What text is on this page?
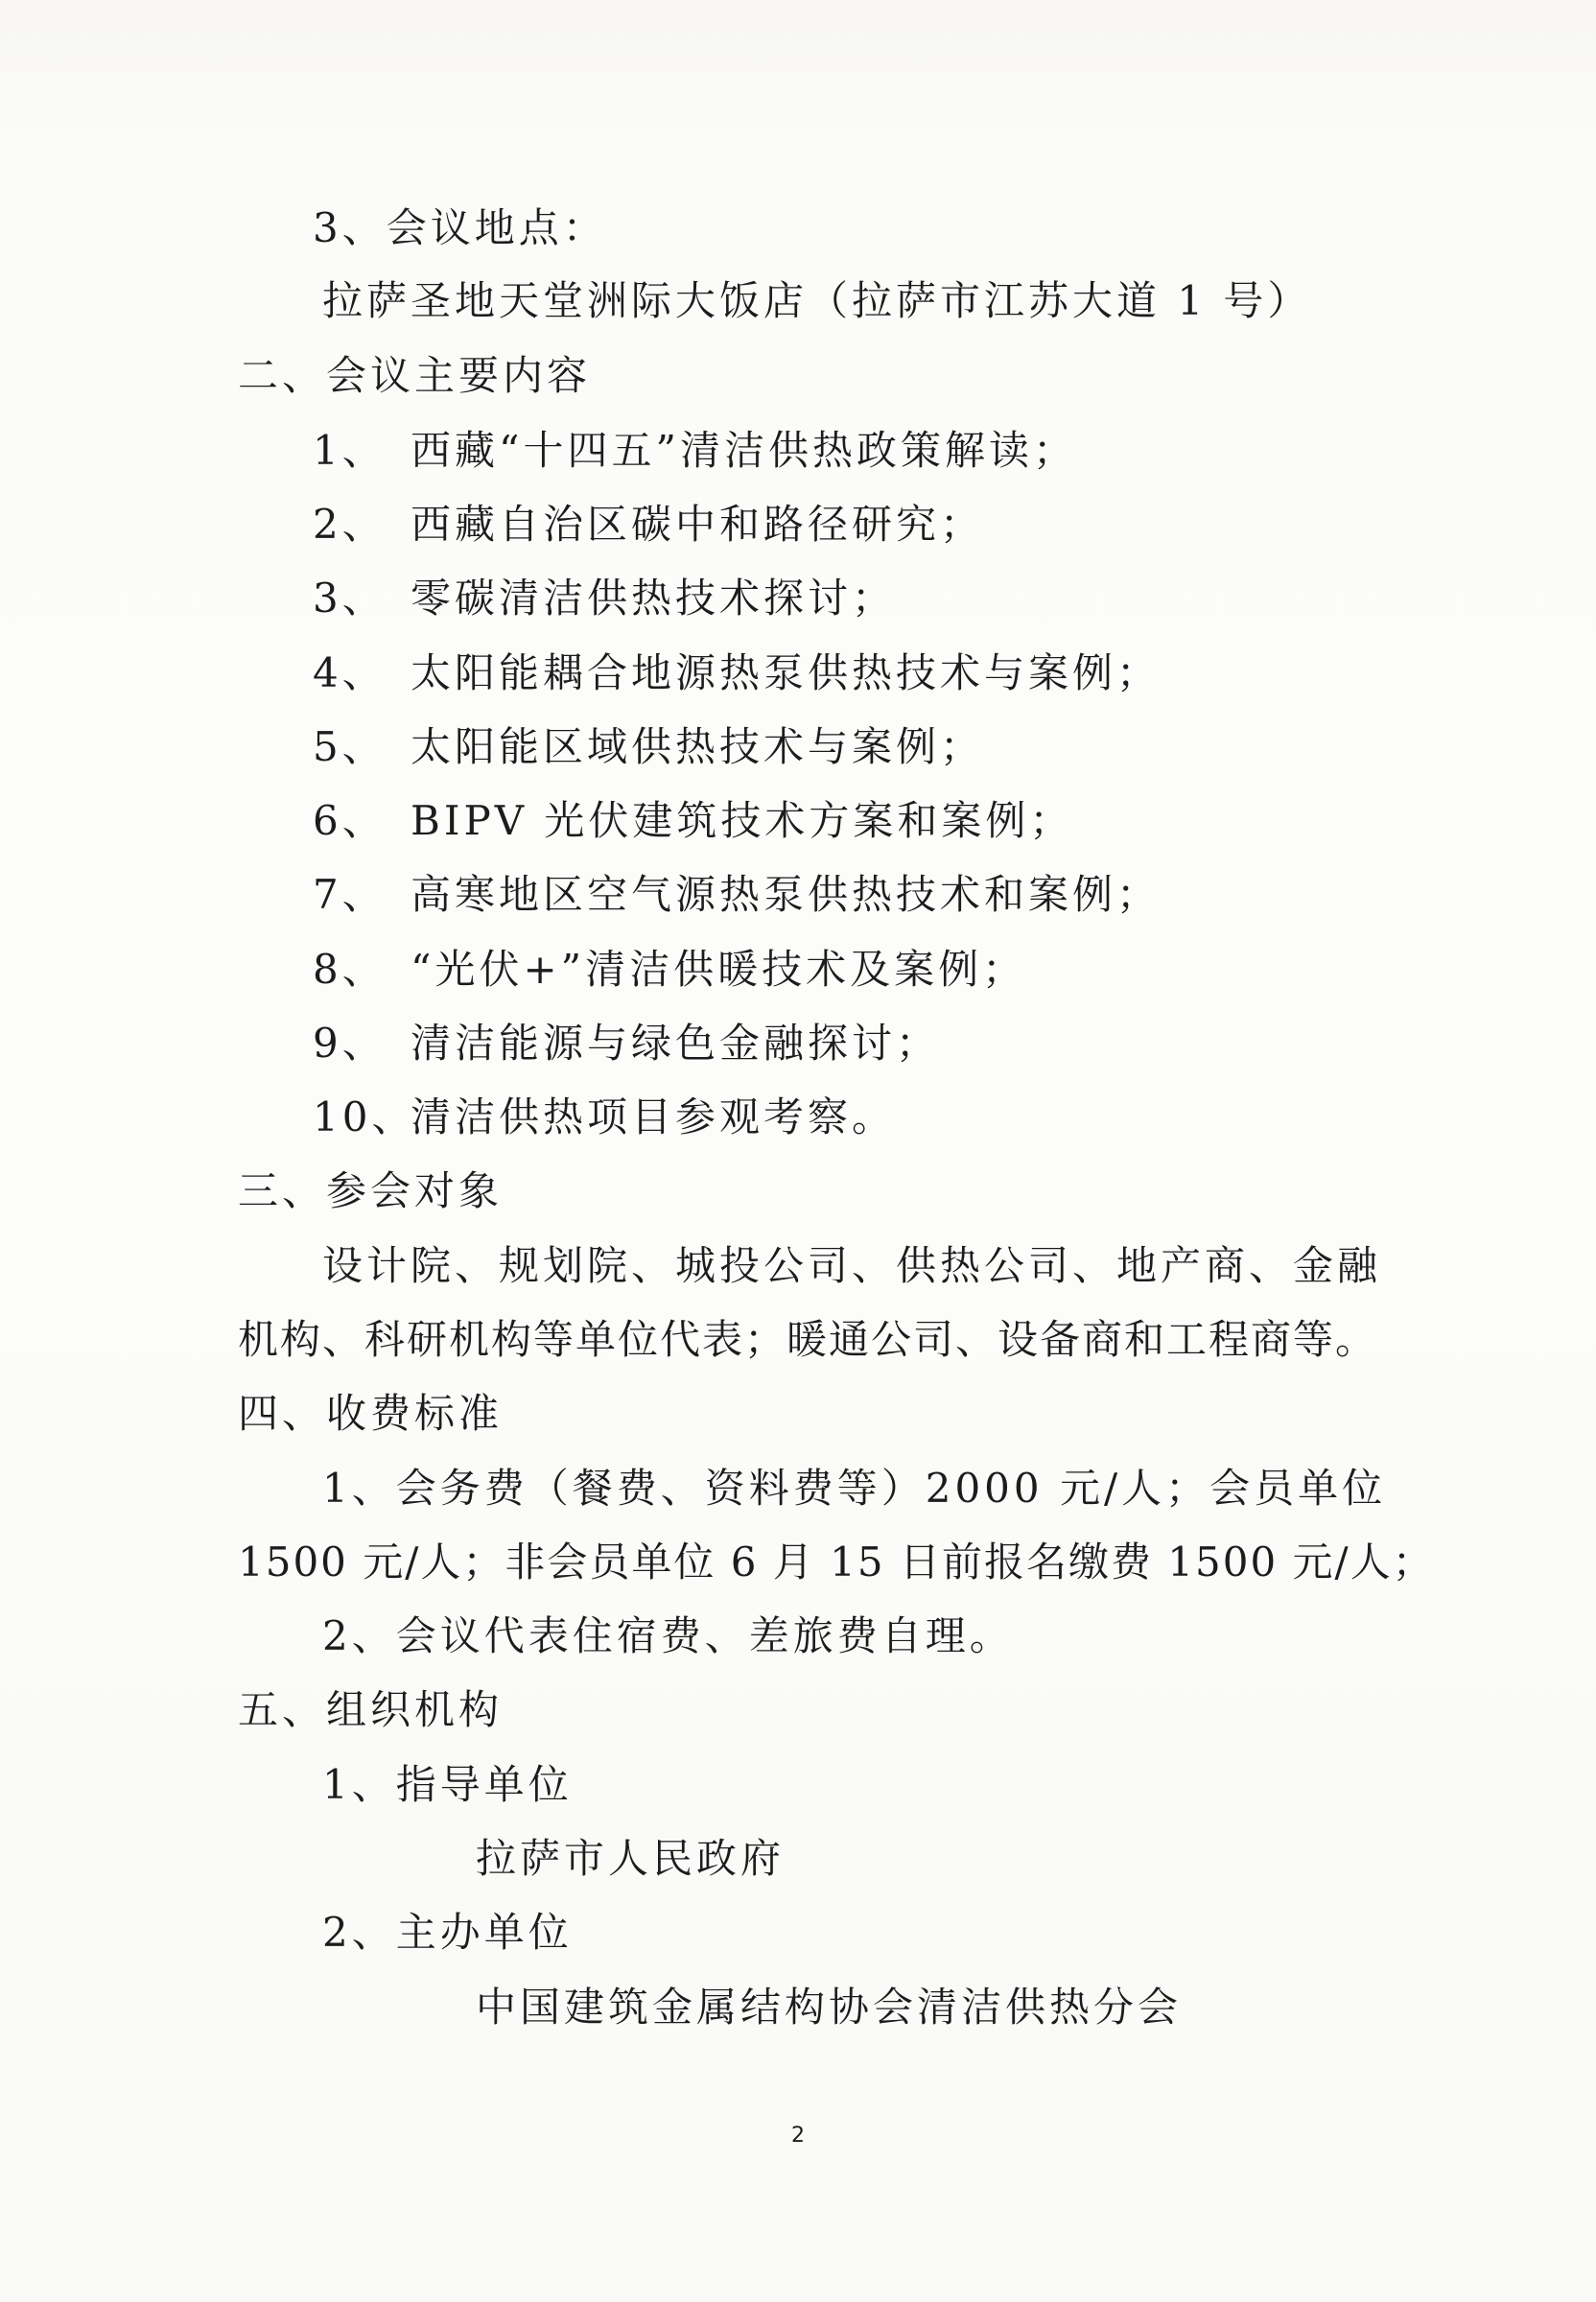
3、会议地点：
拉萨圣地天堂洲际大饭店（拉萨市江苏大道 1 号）
二、会议主要内容
1、 西藏“十四五”清洁供热政策解读；
2、 西藏自治区碳中和路径研究；
3、 零碳清洁供热技术探讨；
4、 太阳能耦合地源热泵供热技术与案例；
5、 太阳能区域供热技术与案例；
6、 BIPV 光伏建筑技术方案和案例；
7、 高寒地区空气源热泵供热技术和案例；
8、 “光伏+”清洁供暖技术及案例；
9、 清洁能源与绿色金融探讨；
10、清洁供热项目参观考察。
三、参会对象
设计院、规划院、城投公司、供热公司、地产商、金融
机构、科研机构等单位代表；暖通公司、设备商和工程商等。
四、收费标准
1、会务费（餐费、资料费等）2000 元/人；会员单位
1500 元/人；非会员单位 6 月 15 日前报名缴费 1500 元/人；
2、会议代表住宿费、差旅费自理。
五、组织机构
1、指导单位
拉萨市人民政府
2、主办单位
中国建筑金属结构协会清洁供热分会
2
